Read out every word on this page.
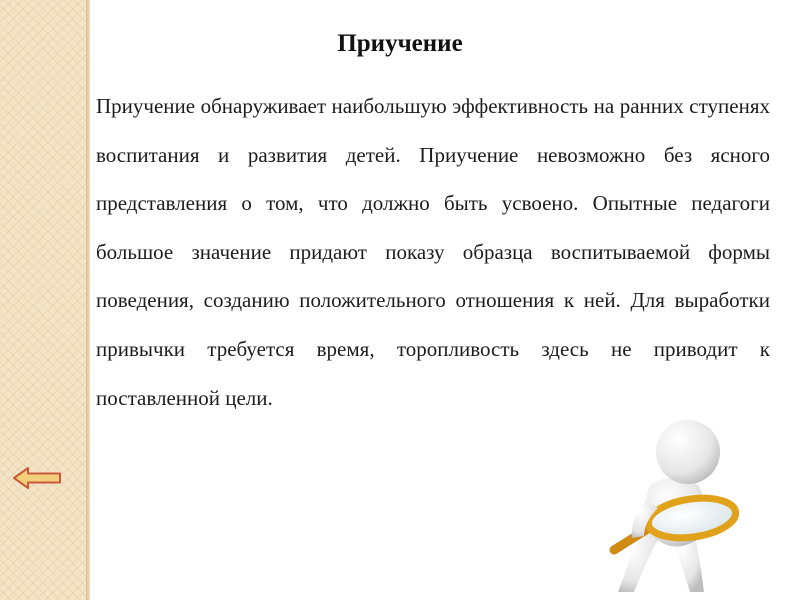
Приучение

Приучение обнаруживает наибольшую эффективность на ранних ступенях воспитания и развития детей. Приучение невозможно без ясного представления о том, что должно быть усвоено. Опытные педагоги большое значение придают показу образца воспитываемой формы поведения, созданию положительного отношения к ней. Для выработки привычки требуется время, торопливость здесь не приводит к поставленной цели.
